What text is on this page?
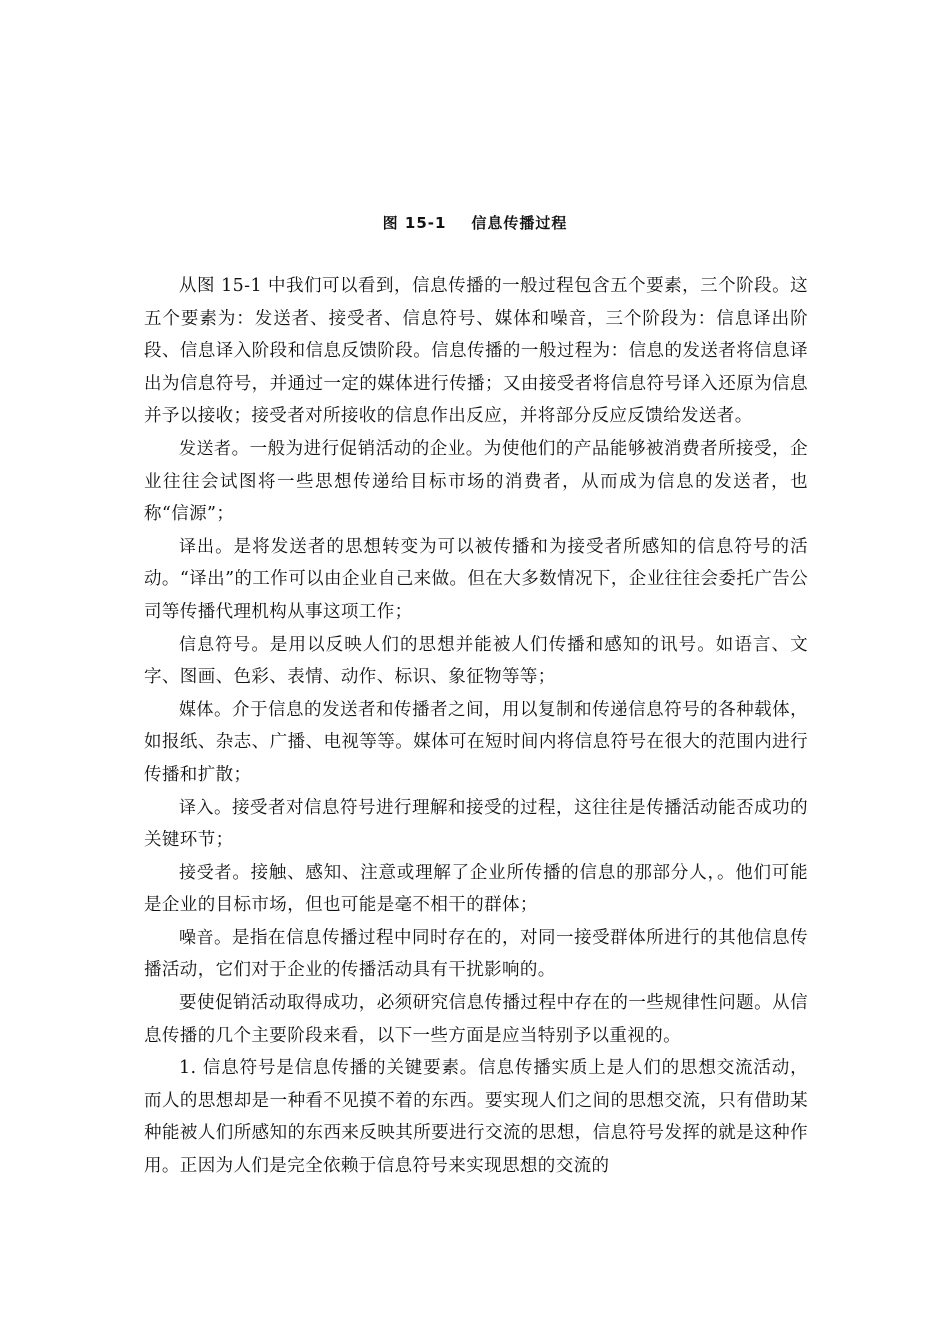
图 15-1    信息传播过程

从图 15-1 中我们可以看到，信息传播的一般过程包含五个要素，三个阶段。这五个要素为：发送者、接受者、信息符号、媒体和噪音，三个阶段为：信息译出阶段、信息译入阶段和信息反馈阶段。信息传播的一般过程为：信息的发送者将信息译出为信息符号，并通过一定的媒体进行传播；又由接受者将信息符号译入还原为信息并予以接收；接受者对所接收的信息作出反应，并将部分反应反馈给发送者。

发送者。一般为进行促销活动的企业。为使他们的产品能够被消费者所接受，企业往往会试图将一些思想传递给目标市场的消费者，从而成为信息的发送者，也称“信源”；

译出。是将发送者的思想转变为可以被传播和为接受者所感知的信息符号的活动。“译出”的工作可以由企业自己来做。但在大多数情况下，企业往往会委托广告公司等传播代理机构从事这项工作；

信息符号。是用以反映人们的思想并能被人们传播和感知的讯号。如语言、文字、图画、色彩、表情、动作、标识、象征物等等；

媒体。介于信息的发送者和传播者之间，用以复制和传递信息符号的各种载体，如报纸、杂志、广播、电视等等。媒体可在短时间内将信息符号在很大的范围内进行传播和扩散；

译入。接受者对信息符号进行理解和接受的过程，这往往是传播活动能否成功的关键环节；

接受者。接触、感知、注意或理解了企业所传播的信息的那部分人，。他们可能是企业的目标市场，但也可能是毫不相干的群体；

噪音。是指在信息传播过程中同时存在的，对同一接受群体所进行的其他信息传播活动，它们对于企业的传播活动具有干扰影响的。

要使促销活动取得成功，必须研究信息传播过程中存在的一些规律性问题。从信息传播的几个主要阶段来看，以下一些方面是应当特别予以重视的。

1. 信息符号是信息传播的关键要素。信息传播实质上是人们的思想交流活动，而人的思想却是一种看不见摸不着的东西。要实现人们之间的思想交流，只有借助某种能被人们所感知的东西来反映其所要进行交流的思想，信息符号发挥的就是这种作用。正因为人们是完全依赖于信息符号来实现思想的交流的
